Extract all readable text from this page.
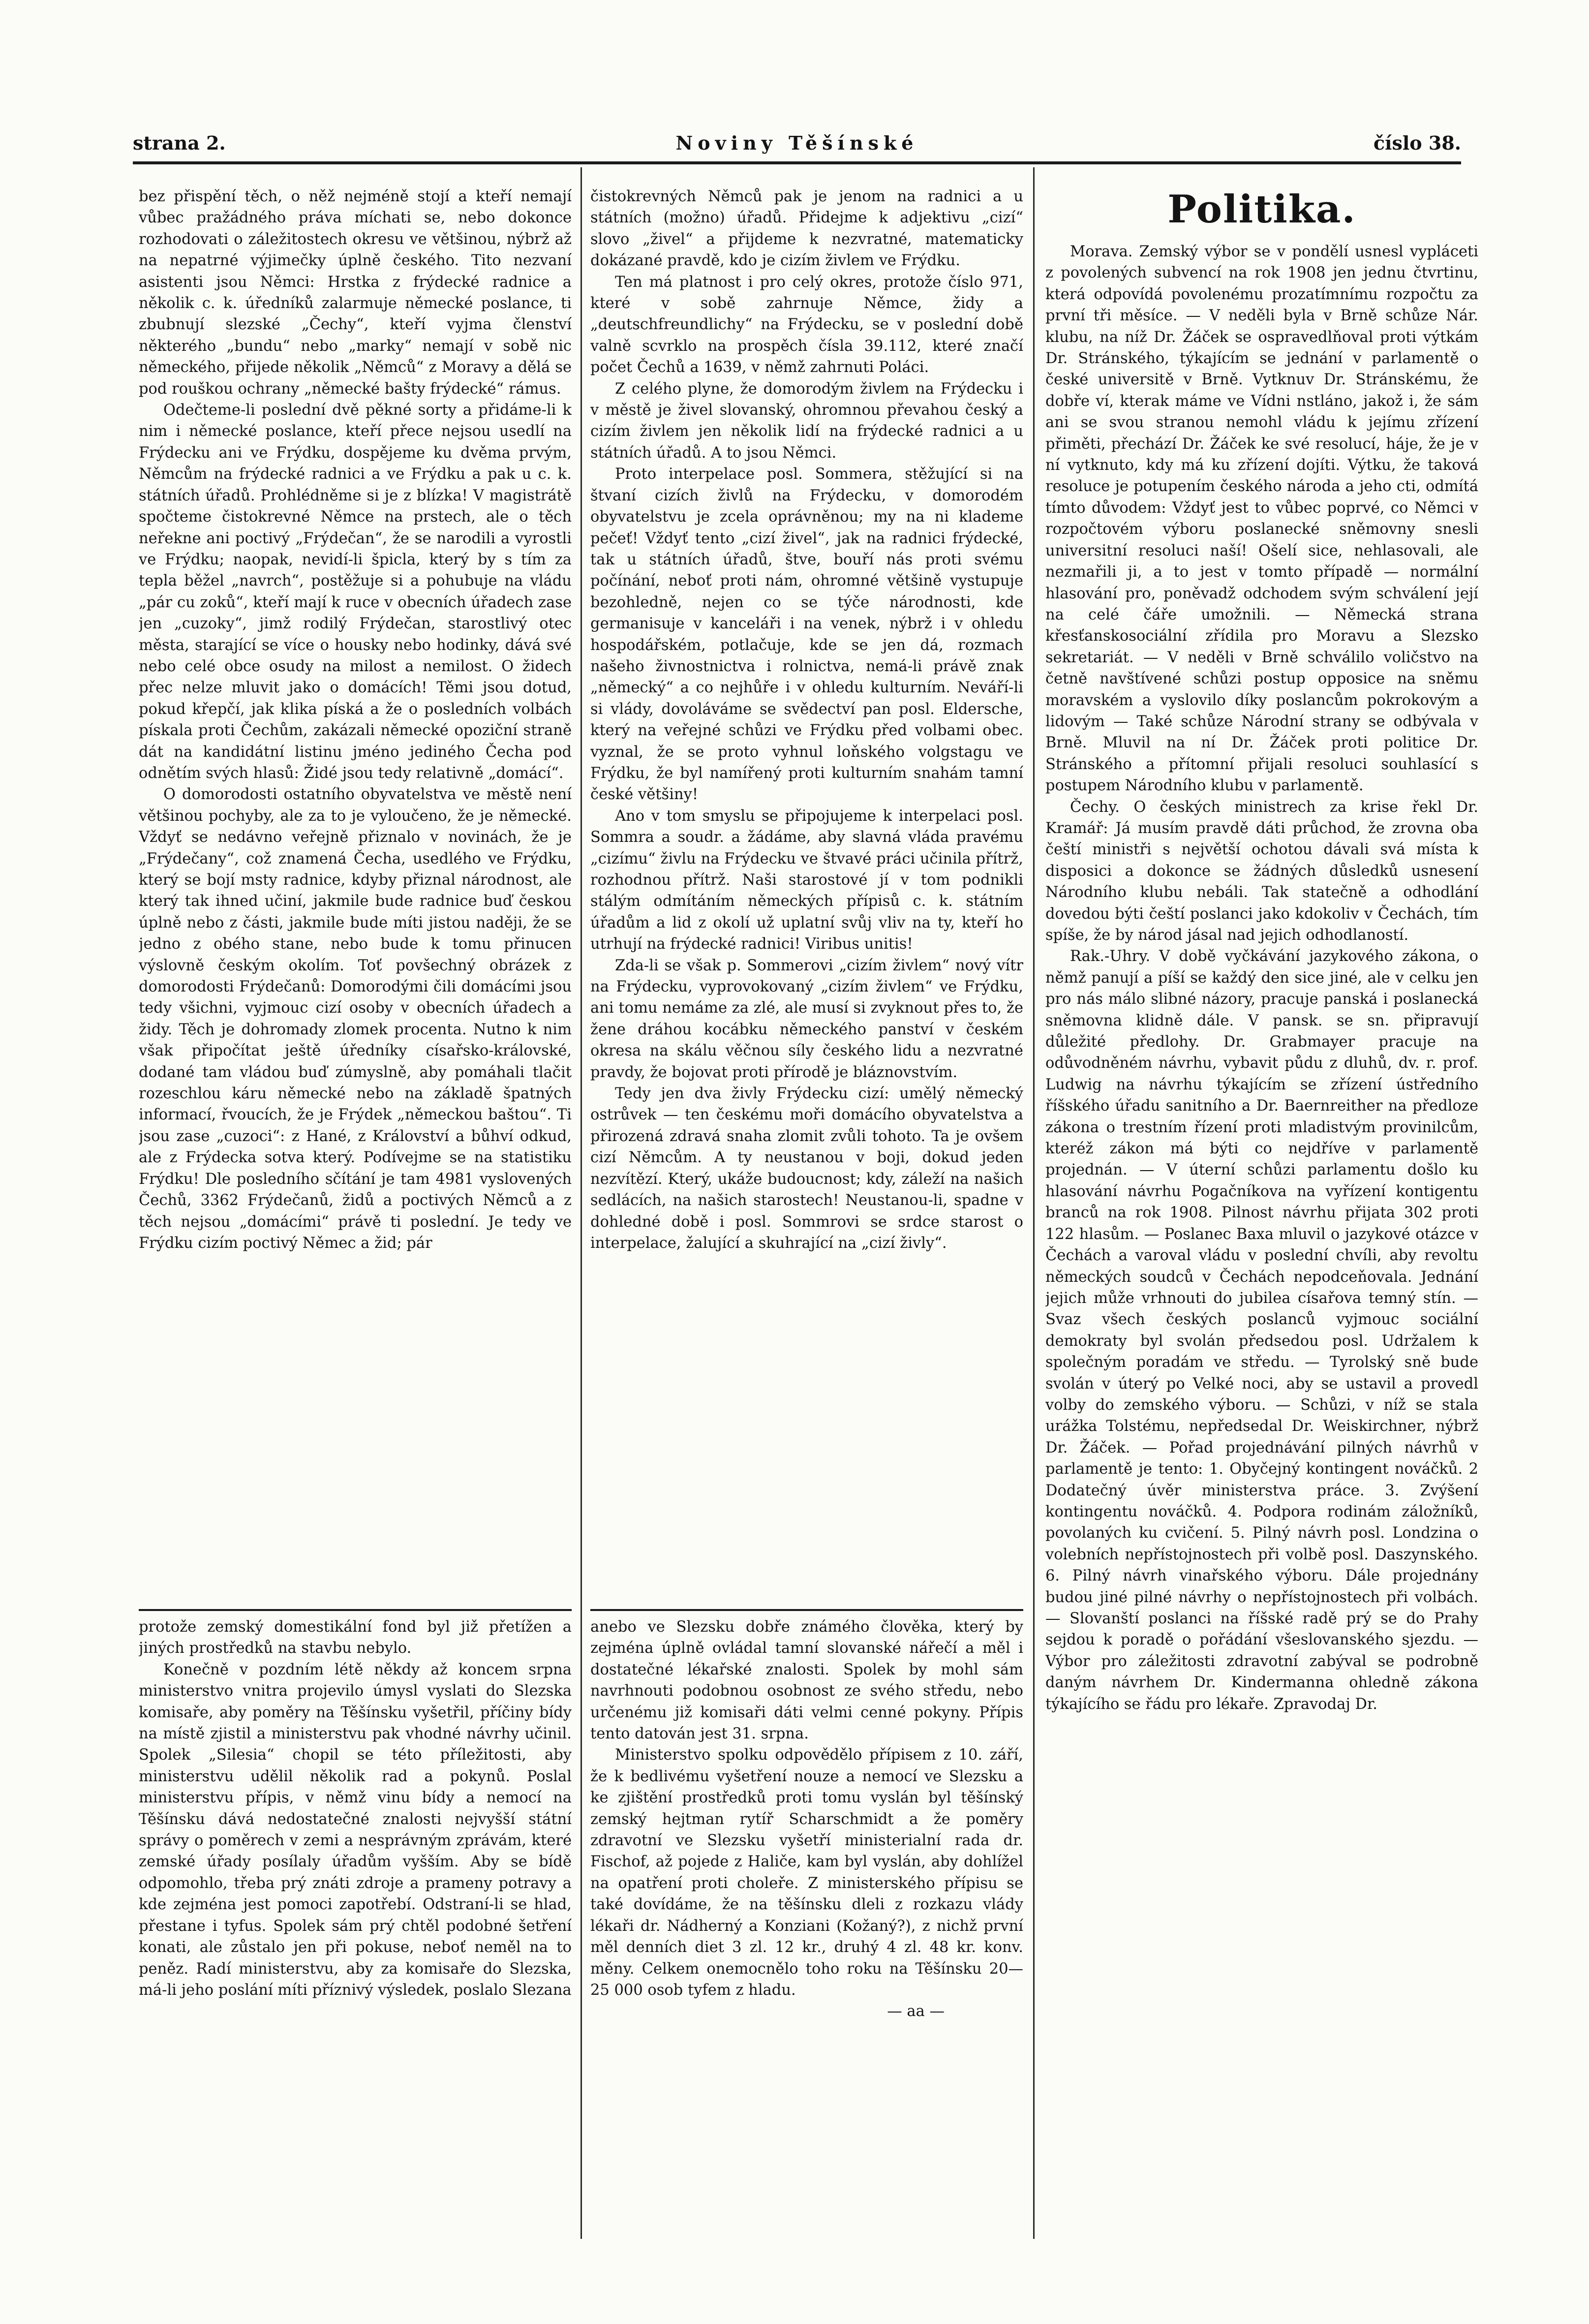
strana 2.	Noviny Těšínské	číslo 38.

bez přispění těch, o něž nejméně stojí a kteří nemají vůbec pražádného práva míchati se, nebo dokonce rozhodovati o záležitostech okresu ve většinou, nýbrž až na nepatrné výjimečky úplně českého. Tito nezvaní asistenti jsou Němci: Hrstka z frýdecké radnice a několik c. k. úředníků zalarmuje německé poslance, ti zbubnují slezské „Čechy“, kteří vyjma členství některého „bundu“ nebo „marky“ nemají v sobě nic německého, přijede několik „Němců“ z Moravy a dělá se pod rouškou ochrany „německé bašty frýdecké“ rámus.

Odečteme-li poslední dvě pěkné sorty a přidáme-li k nim i německé poslance, kteří přece nejsou usedlí na Frýdecku ani ve Frýdku, dospějeme ku dvěma prvým, Němcům na frýdecké radnici a ve Frýdku a pak u c. k. státních úřadů. Prohlédněme si je z blízka! V magistrátě spočteme čistokrevné Němce na prstech, ale o těch neřekne ani poctivý „Frýdečan“, že se narodili a vyrostli ve Frýdku; naopak, nevidí-li špicla, který by s tím za tepla běžel „navrch“, postěžuje si a pohubuje na vládu „pár cu zoků“, kteří mají k ruce v obecních úřadech zase jen „cuzoky“, jimž rodilý Frýdečan, starostlivý otec města, starající se více o housky nebo hodinky, dává své nebo celé obce osudy na milost a nemilost. O židech přec nelze mluvit jako o domácích! Těmi jsou dotud, pokud křepčí, jak klika píská a že o posledních volbách pískala proti Čechům, zakázali německé opoziční straně dát na kandidátní listinu jméno jediného Čecha pod odnětím svých hlasů: Židé jsou tedy relativně „domácí“.

O domorodosti ostatního obyvatelstva ve městě není většinou pochyby, ale za to je vyloučeno, že je německé. Vždyť se nedávno veřejně přiznalo v novinách, že je „Frýdečany“, což znamená Čecha, usedlého ve Frýdku, který se bojí msty radnice, kdyby přiznal národnost, ale který tak ihned učiní, jakmile bude radnice buď českou úplně nebo z části, jakmile bude míti jistou naději, že se jedno z obého stane, nebo bude k tomu přinucen výslovně českým okolím. Toť povšechný obrázek z domorodosti Frýdečanů: Domorodými čili domácími jsou tedy všichni, vyjmouc cizí osoby v obecních úřadech a židy. Těch je dohromady zlomek procenta. Nutno k nim však připočítat ještě úředníky císařsko-královské, dodané tam vládou buď zúmyslně, aby pomáhali tlačit rozeschlou káru německé nebo na základě špatných informací, řvoucích, že je Frýdek „německou baštou“. Ti jsou zase „cuzoci“: z Hané, z Království a bůhví odkud, ale z Frýdecka sotva který. Podívejme se na statistiku Frýdku! Dle posledního sčítání je tam 4981 vyslovených Čechů, 3362 Frýdečanů, židů a poctivých Němců a z těch nejsou „domácími“ právě ti poslední. Je tedy ve Frýdku cizím poctivý Němec a žid; pár

čistokrevných Němců pak je jenom na radnici a u státních (možno) úřadů. Přidejme k adjektivu „cizí“ slovo „živel“ a přijdeme k nezvratné, matematicky dokázané pravdě, kdo je cizím živlem ve Frýdku.

Ten má platnost i pro celý okres, protože číslo 971, které v sobě zahrnuje Němce, židy a „deutschfreundlichy“ na Frýdecku, se v poslední době valně scvrklo na prospěch čísla 39.112, které značí počet Čechů a 1639, v němž zahrnuti Poláci.

Z celého plyne, že domorodým živlem na Frýdecku i v městě je živel slovanský, ohromnou převahou český a cizím živlem jen několik lidí na frýdecké radnici a u státních úřadů. A to jsou Němci.

Proto interpelace posl. Sommera, stěžující si na štvaní cizích živlů na Frýdecku, v domorodém obyvatelstvu je zcela oprávněnou; my na ni klademe pečeť! Vždyť tento „cizí živel“, jak na radnici frýdecké, tak u státních úřadů, štve, bouří nás proti svému počínání, neboť proti nám, ohromné většině vystupuje bezohledně, nejen co se týče národnosti, kde germanisuje v kanceláři i na venek, nýbrž i v ohledu hospodářském, potlačuje, kde se jen dá, rozmach našeho živnostnictva i rolnictva, nemá-li právě znak „německý“ a co nejhůře i v ohledu kulturním. Neváří-li si vlády, dovoláváme se svědectví pan posl. Eldersche, který na veřejné schůzi ve Frýdku před volbami obec. vyznal, že se proto vyhnul loňského volgstagu ve Frýdku, že byl namířený proti kulturním snahám tamní české většiny!

Ano v tom smyslu se připojujeme k interpelaci posl. Sommra a soudr. a žádáme, aby slavná vláda pravému „cizímu“ živlu na Frýdecku ve štvavé práci učinila přítrž, rozhodnou přítrž. Naši starostové jí v tom podnikli stálým odmítáním německých přípisů c. k. státním úřadům a lid z okolí už uplatní svůj vliv na ty, kteří ho utrhují na frýdecké radnici! Viribus unitis!

Zda-li se však p. Sommerovi „cizím živlem“ nový vítr na Frýdecku, vyprovokovaný „cizím živlem“ ve Frýdku, ani tomu nemáme za zlé, ale musí si zvyknout přes to, že žene dráhou kocábku německého panství v českém okresa na skálu věčnou síly českého lidu a nezvratné pravdy, že bojovat proti přírodě je bláznovstvím.

Tedy jen dva živly Frýdecku cizí: umělý německý ostrůvek — ten českému moři domácího obyvatelstva a přirozená zdravá snaha zlomit zvůli tohoto. Ta je ovšem cizí Němcům. A ty neustanou v boji, dokud jeden nezvítězí. Který, ukáže budoucnost; kdy, záleží na našich sedlácích, na našich starostech! Neustanou-li, spadne v dohledné době i posl. Sommrovi se srdce starost o interpelace, žalující a skuhrající na „cizí živly“.

protože zemský domestikální fond byl již přetížen a jiných prostředků na stavbu nebylo.

Konečně v pozdním létě někdy až koncem srpna ministerstvo vnitra projevilo úmysl vyslati do Slezska komisaře, aby poměry na Těšínsku vyšetřil, příčiny bídy na místě zjistil a ministerstvu pak vhodné návrhy učinil. Spolek „Silesia“ chopil se této příležitosti, aby ministerstvu udělil několik rad a pokynů. Poslal ministerstvu přípis, v němž vinu bídy a nemocí na Těšínsku dává nedostatečné znalosti nejvyšší státní správy o poměrech v zemi a nesprávným zprávám, které zemské úřady posílaly úřadům vyšším. Aby se bídě odpomohlo, třeba prý znáti zdroje a prameny potravy a kde zejména jest pomoci zapotřebí. Odstraní-li se hlad, přestane i tyfus. Spolek sám prý chtěl podobné šetření konati, ale zůstalo jen při pokuse, neboť neměl na to peněz. Radí ministerstvu, aby za komisaře do Slezska, má-li jeho poslání míti příznivý výsledek, poslalo Slezana

anebo ve Slezsku dobře známého člověka, který by zejména úplně ovládal tamní slovanské nářečí a měl i dostatečné lékařské znalosti. Spolek by mohl sám navrhnouti podobnou osobnost ze svého středu, nebo určenému již komisaři dáti velmi cenné pokyny. Přípis tento datován jest 31. srpna.

Ministerstvo spolku odpovědělo přípisem z 10. září, že k bedlivému vyšetření nouze a nemocí ve Slezsku a ke zjištění prostředků proti tomu vyslán byl těšínský zemský hejtman rytíř Scharschmidt a že poměry zdravotní ve Slezsku vyšetří ministerialní rada dr. Fischof, až pojede z Haliče, kam byl vyslán, aby dohlížel na opatření proti choleře. Z ministerského přípisu se také dovídáme, že na těšínsku dleli z rozkazu vlády lékaři dr. Nádherný a Konziani (Kožaný?), z nichž první měl denních diet 3 zl. 12 kr., druhý 4 zl. 48 kr. konv. měny. Celkem onemocnělo toho roku na Těšínsku 20—25 000 osob tyfem z hladu.

— aa —

Politika.

Morava. Zemský výbor se v pondělí usnesl vypláceti z povolených subvencí na rok 1908 jen jednu čtvrtinu, která odpovídá povolenému prozatímnímu rozpočtu za první tři měsíce. — V neděli byla v Brně schůze Nár. klubu, na níž Dr. Žáček se ospravedlňoval proti výtkám Dr. Stránského, týkajícím se jednání v parlamentě o české universitě v Brně. Vytknuv Dr. Stránskému, že dobře ví, kterak máme ve Vídni nstláno, jakož i, že sám ani se svou stranou nemohl vládu k jejímu zřízení přiměti, přechází Dr. Žáček ke své resolucí, háje, že je v ní vytknuto, kdy má ku zřízení dojíti. Výtku, že taková resoluce je potupením českého národa a jeho cti, odmítá tímto důvodem: Vždyť jest to vůbec poprvé, co Němci v rozpočtovém výboru poslanecké sněmovny snesli universitní resoluci naší! Ošelí sice, nehlasovali, ale nezmařili ji, a to jest v tomto případě — normální hlasování pro, poněvadž odchodem svým schválení její na celé čáře umožnili. — Německá strana křesťanskosociální zřídila pro Moravu a Slezsko sekretariát. — V neděli v Brně schválilo voličstvo na četně navštívené schůzi postup opposice na sněmu moravském a vyslovilo díky poslancům pokrokovým a lidovým — Také schůze Národní strany se odbývala v Brně. Mluvil na ní Dr. Žáček proti politice Dr. Stránského a přítomní přijali resoluci souhlasící s postupem Národního klubu v parlamentě.

Čechy. O českých ministrech za krise řekl Dr. Kramář: Já musím pravdě dáti průchod, že zrovna oba čeští ministři s největší ochotou dávali svá místa k disposici a dokonce se žádných důsledků usnesení Národního klubu nebáli. Tak statečně a odhodlání dovedou býti čeští poslanci jako kdokoliv v Čechách, tím spíše, že by národ jásal nad jejich odhodlaností.

Rak.-Uhry. V době vyčkávání jazykového zákona, o němž panují a píší se každý den sice jiné, ale v celku jen pro nás málo slibné názory, pracuje panská i poslanecká sněmovna klidně dále. V pansk. se sn. připravují důležité předlohy. Dr. Grabmayer pracuje na odůvodněném návrhu, vybavit půdu z dluhů, dv. r. prof. Ludwig na návrhu týkajícím se zřízení ústředního říšského úřadu sanitního a Dr. Baernreither na předloze zákona o trestním řízení proti mladistvým provinilcům, kteréž zákon má býti co nejdříve v parlamentě projednán. — V úterní schůzi parlamentu došlo ku hlasování návrhu Pogačníkova na vyřízení kontigentu branců na rok 1908. Pilnost návrhu přijata 302 proti 122 hlasům. — Poslanec Baxa mluvil o jazykové otázce v Čechách a varoval vládu v poslední chvíli, aby revoltu německých soudců v Čechách nepodceňovala. Jednání jejich může vrhnouti do jubilea císařova temný stín. — Svaz všech českých poslanců vyjmouc sociální demokraty byl svolán předsedou posl. Udržalem k společným poradám ve středu. — Tyrolský sně bude svolán v úterý po Velké noci, aby se ustavil a provedl volby do zemského výboru. — Schůzi, v níž se stala urážka Tolstému, nepředsedal Dr. Weiskirchner, nýbrž Dr. Žáček. — Pořad projednávání pilných návrhů v parlamentě je tento: 1. Obyčejný kontingent nováčků. 2 Dodatečný úvěr ministerstva práce. 3. Zvýšení kontingentu nováčků. 4. Podpora rodinám záložníků, povolaných ku cvičení. 5. Pilný návrh posl. Londzina o volebních nepřístojnostech při volbě posl. Daszynského. 6. Pilný návrh vinařského výboru. Dále projednány budou jiné pilné návrhy o nepřístojnostech při volbách. — Slovanští poslanci na říšské radě prý se do Prahy sejdou k poradě o pořádání všeslovanského sjezdu. — Výbor pro záležitosti zdravotní zabýval se podrobně daným návrhem Dr. Kindermanna ohledně zákona týkajícího se řádu pro lékaře. Zpravodaj Dr.
